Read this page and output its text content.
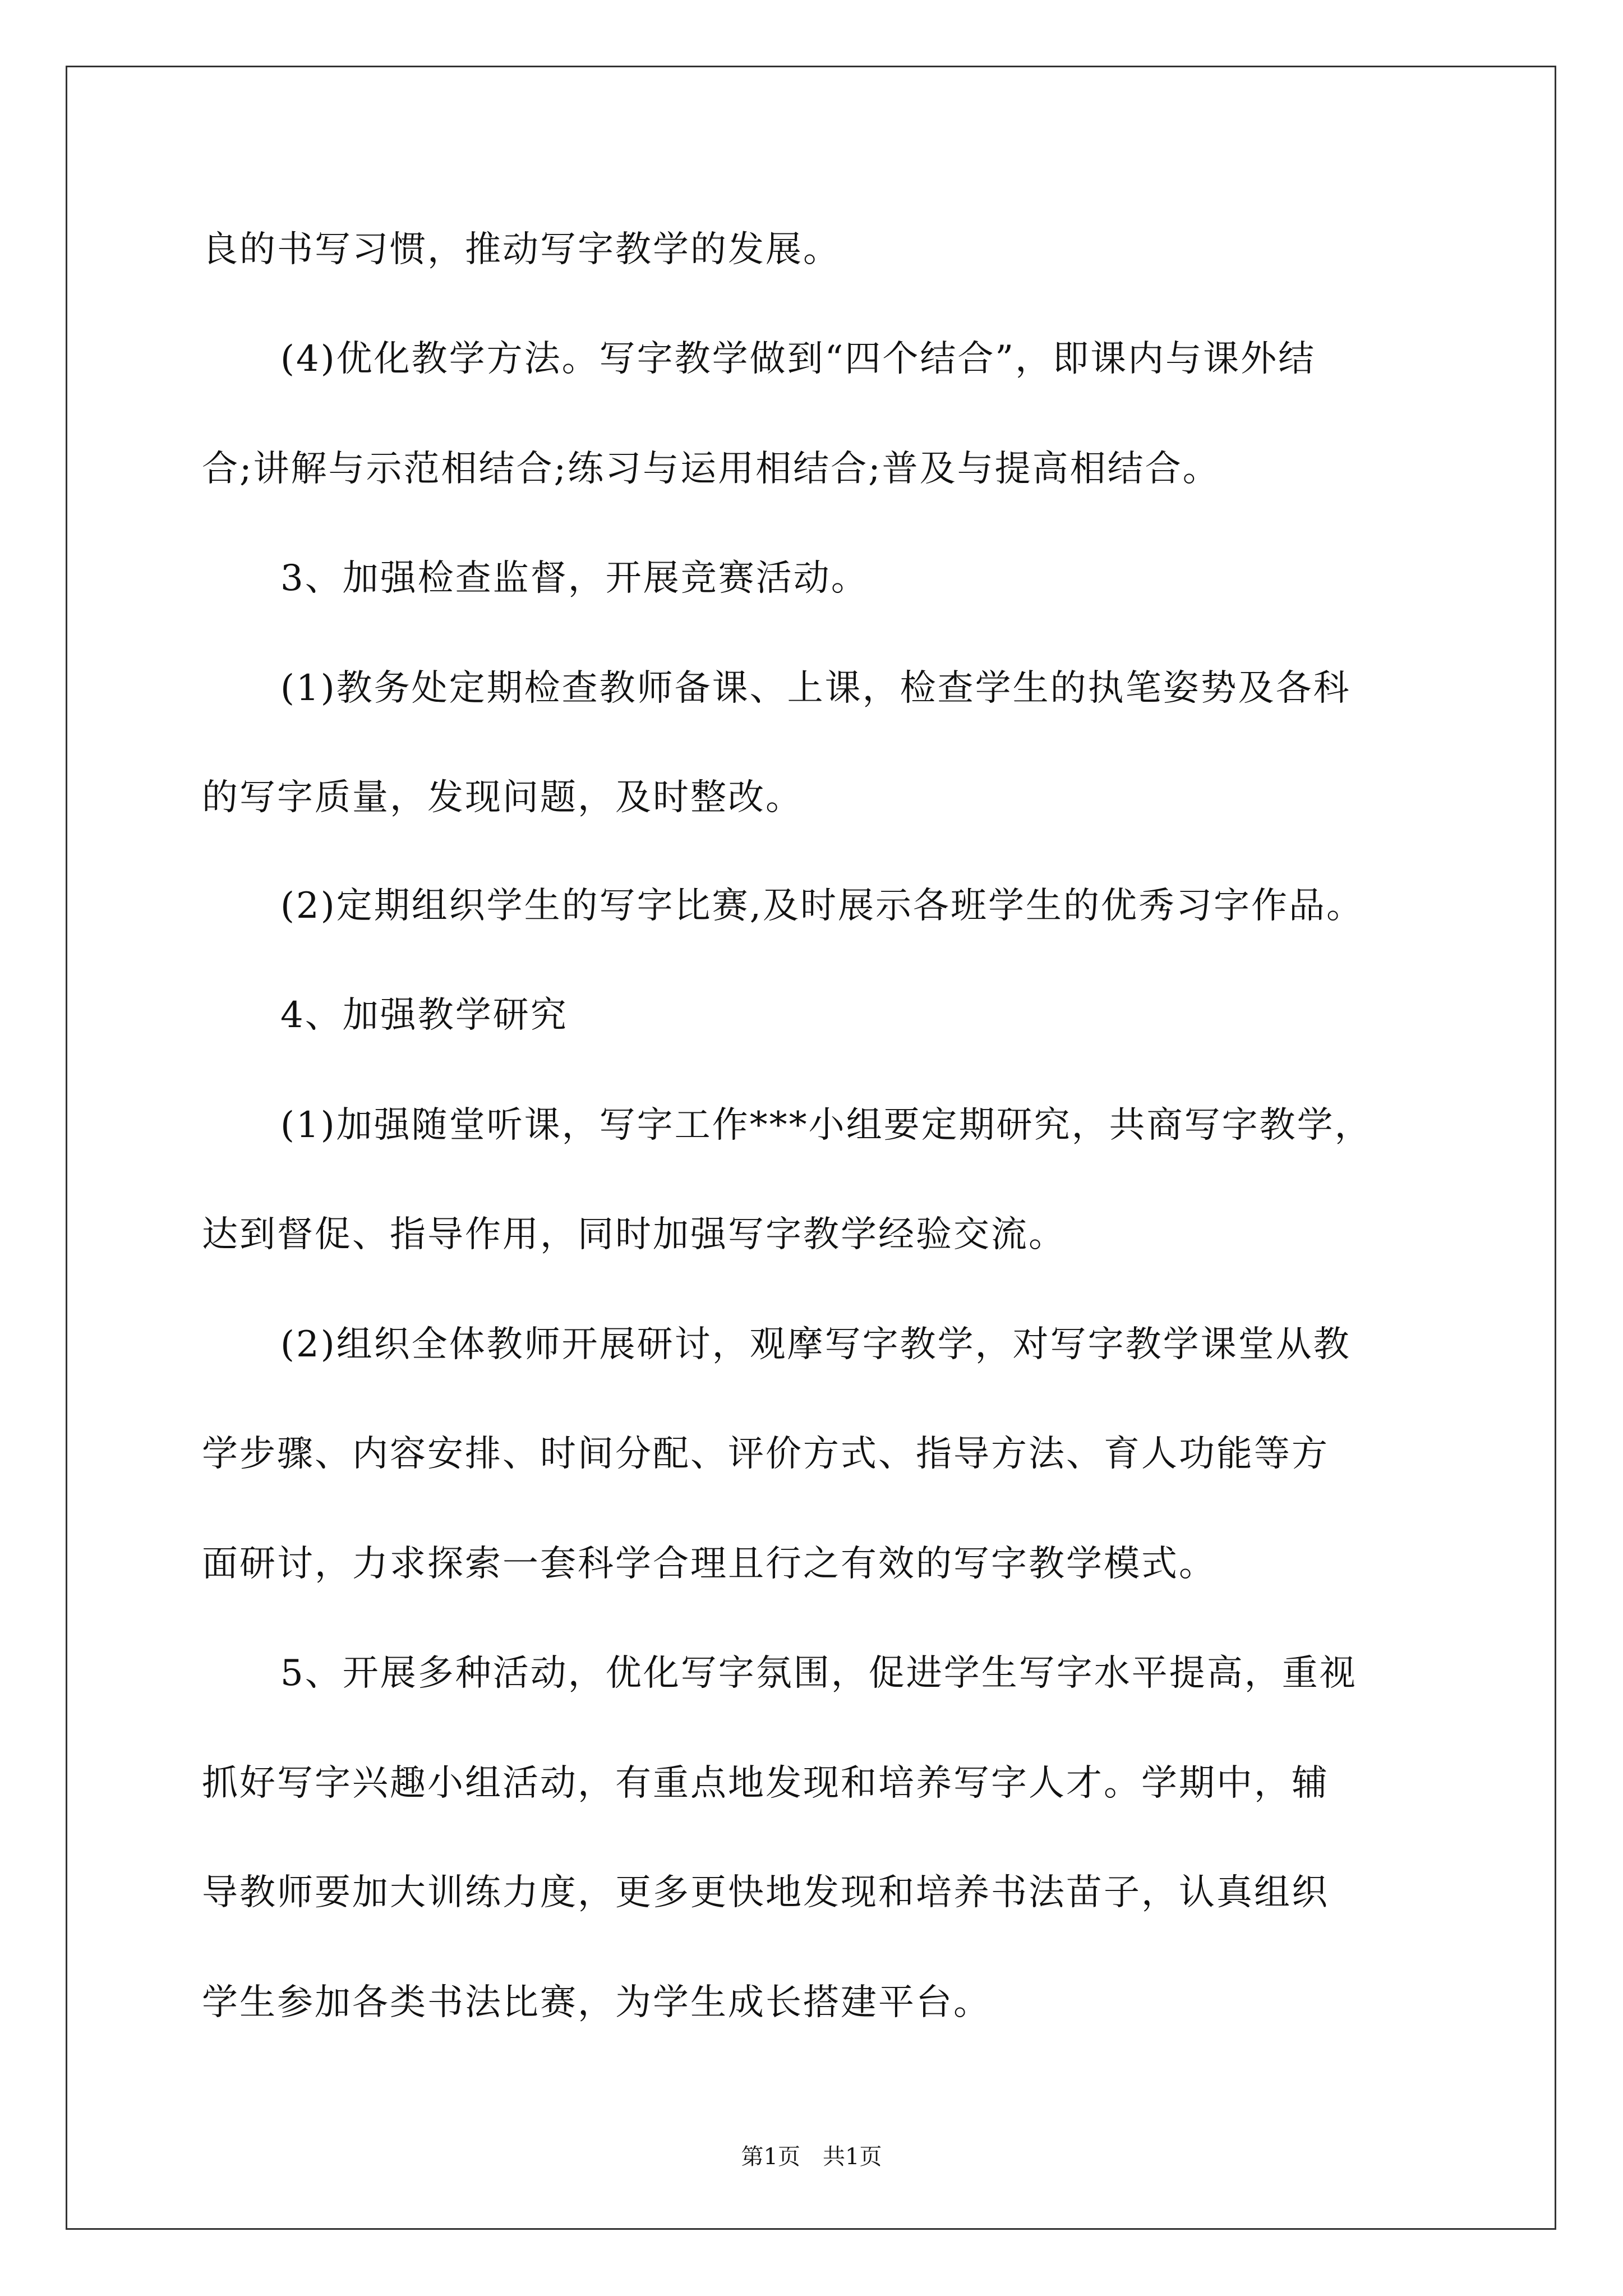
良的书写习惯，推动写字教学的发展。
(4)优化教学方法。写字教学做到“四个结合”，即课内与课外结
合;讲解与示范相结合;练习与运用相结合;普及与提高相结合。
3、加强检查监督，开展竞赛活动。
(1)教务处定期检查教师备课、上课，检查学生的执笔姿势及各科
的写字质量，发现问题，及时整改。
(2)定期组织学生的写字比赛,及时展示各班学生的优秀习字作品。
4、加强教学研究
(1)加强随堂听课，写字工作***小组要定期研究，共商写字教学，
达到督促、指导作用，同时加强写字教学经验交流。
(2)组织全体教师开展研讨，观摩写字教学，对写字教学课堂从教
学步骤、内容安排、时间分配、评价方式、指导方法、育人功能等方
面研讨，力求探索一套科学合理且行之有效的写字教学模式。
5、开展多种活动，优化写字氛围，促进学生写字水平提高，重视
抓好写字兴趣小组活动，有重点地发现和培养写字人才。学期中，辅
导教师要加大训练力度，更多更快地发现和培养书法苗子，认真组织
学生参加各类书法比赛，为学生成长搭建平台。
第1页　共1页
